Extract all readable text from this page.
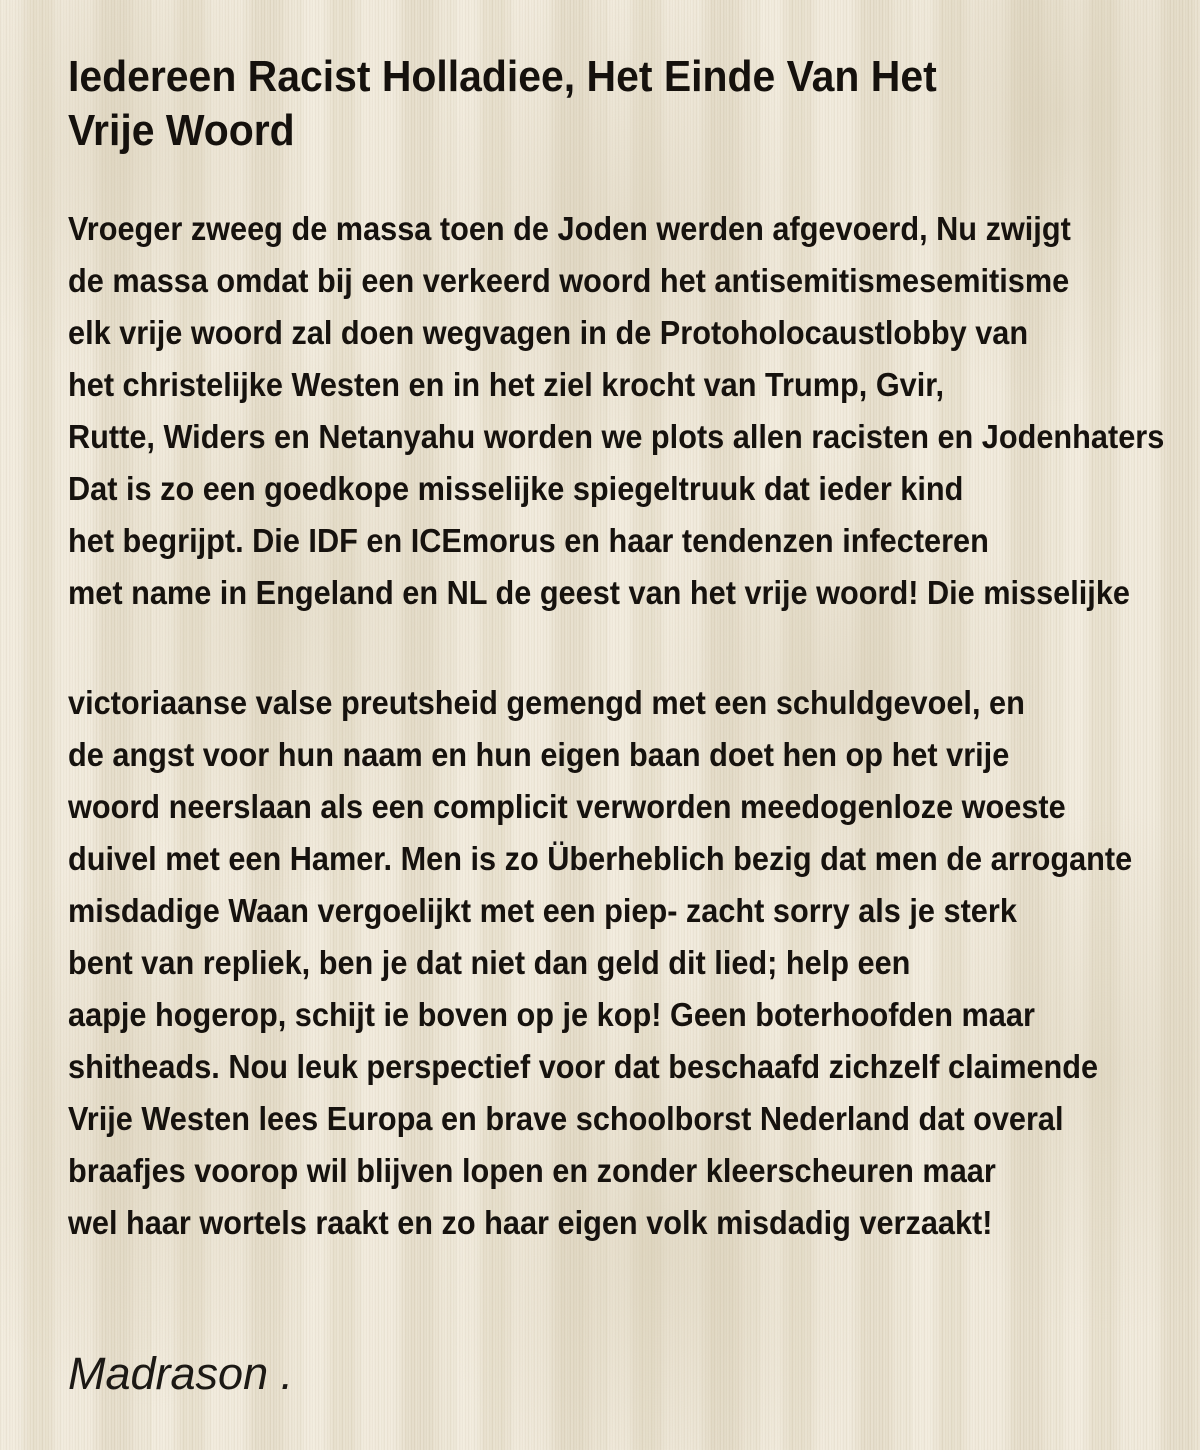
Iedereen Racist Holladiee, Het Einde Van Het
Vrije Woord
Vroeger zweeg de massa toen de Joden werden afgevoerd, Nu zwijgt
de massa omdat bij een verkeerd woord het antisemitismesemitisme
elk vrije woord zal doen wegvagen in de Protoholocaustlobby van
het christelijke Westen en in het ziel krocht van Trump, Gvir,
Rutte, Widers en Netanyahu worden we plots allen racisten en Jodenhaters
Dat is zo een goedkope misselijke spiegeltruuk dat ieder kind
het begrijpt. Die IDF en ICEmorus en haar tendenzen infecteren
met name in Engeland en NL de geest van het vrije woord! Die misselijke
victoriaanse valse preutsheid gemengd met een schuldgevoel, en
de angst voor hun naam en hun eigen baan doet hen op het vrije
woord neerslaan als een complicit verworden meedogenloze woeste
duivel met een Hamer. Men is zo Überheblich bezig dat men de arrogante
misdadige Waan vergoelijkt met een piep- zacht sorry als je sterk
bent van repliek, ben je dat niet dan geld dit lied; help een
aapje hogerop, schijt ie boven op je kop! Geen boterhoofden maar
shitheads. Nou leuk perspectief voor dat beschaafd zichzelf claimende
Vrije Westen lees Europa en brave schoolborst Nederland dat overal
braafjes voorop wil blijven lopen en zonder kleerscheuren maar
wel haar wortels raakt en zo haar eigen volk misdadig verzaakt!
Madrason .
